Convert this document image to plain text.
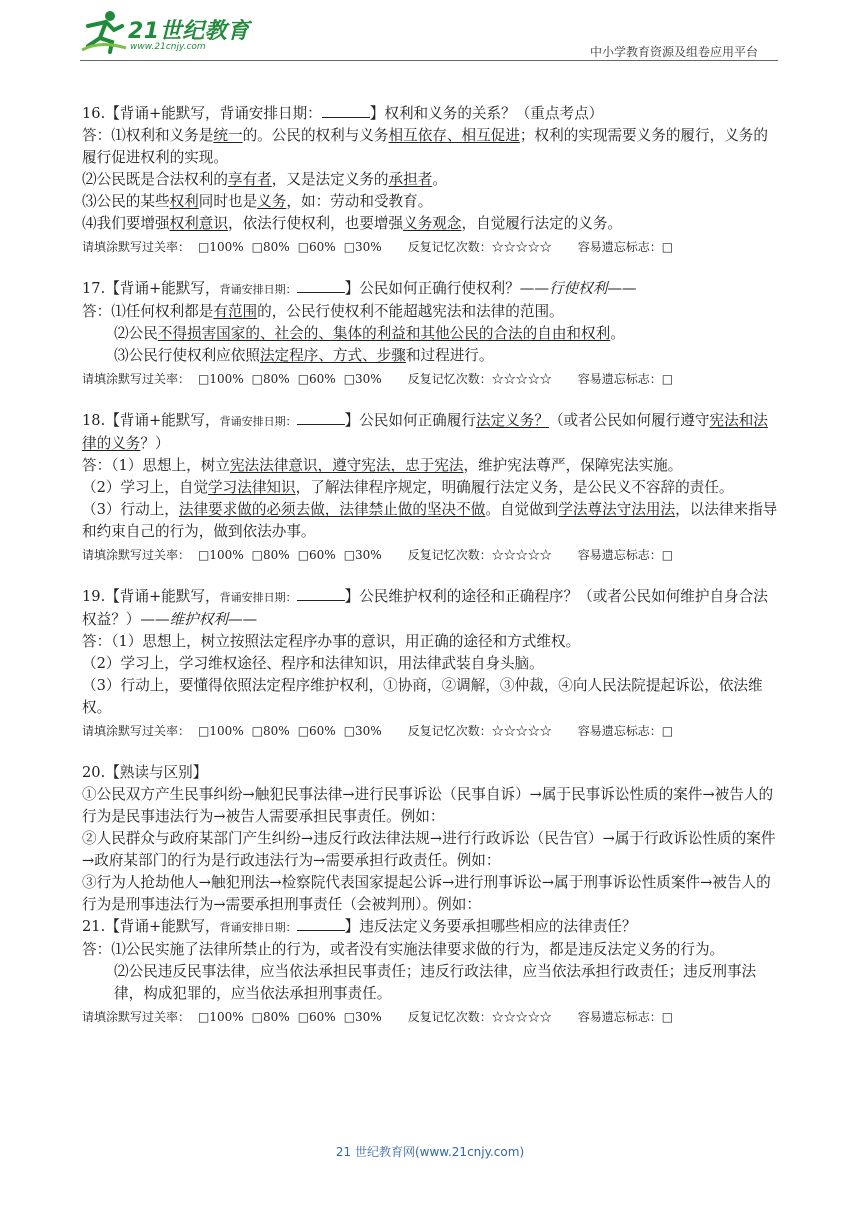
21世纪教育
www.21cnjy.com	中小学教育资源及组卷应用平台
16.【背诵+能默写，背诵安排日期：	】权利和义务的关系？（重点考点）
答：⑴权利和义务是统一的。公民的权利与义务相互依存、相互促进；权利的实现需要义务的履行，义务的履行促进权利的实现。
⑵公民既是合法权利的享有者，又是法定义务的承担者。
⑶公民的某些权利同时也是义务，如：劳动和受教育。
⑷我们要增强权利意识，依法行使权利，也要增强义务观念，自觉履行法定的义务。
请填涂默写过关率： □100% □80% □60% □30% 反复记忆次数：☆☆☆☆☆ 容易遗忘标志：□
17.【背诵+能默写，背诵安排日期：	】公民如何正确行使权利？——行使权利——
答：⑴任何权利都是有范围的，公民行使权利不能超越宪法和法律的范围。
⑵公民不得损害国家的、社会的、集体的利益和其他公民的合法的自由和权利。
⑶公民行使权利应依照法定程序、方式、步骤和过程进行。
请填涂默写过关率： □100% □80% □60% □30% 反复记忆次数：☆☆☆☆☆ 容易遗忘标志：□
18.【背诵+能默写，背诵安排日期：	】公民如何正确履行法定义务？（或者公民如何履行遵守宪法和法律的义务？）
答：（1）思想上，树立宪法法律意识，遵守宪法，忠于宪法，维护宪法尊严，保障宪法实施。
（2）学习上，自觉学习法律知识，了解法律程序规定，明确履行法定义务，是公民义不容辞的责任。
（3）行动上，法律要求做的必须去做，法律禁止做的坚决不做。自觉做到学法尊法守法用法，以法律来指导和约束自己的行为，做到依法办事。
请填涂默写过关率： □100% □80% □60% □30% 反复记忆次数：☆☆☆☆☆ 容易遗忘标志：□
19.【背诵+能默写，背诵安排日期：	】公民维护权利的途径和正确程序？（或者公民如何维护自身合法权益？）——维护权利——
答：（1）思想上，树立按照法定程序办事的意识，用正确的途径和方式维权。
（2）学习上，学习维权途径、程序和法律知识，用法律武装自身头脑。
（3）行动上，要懂得依照法定程序维护权利，①协商，②调解，③仲裁，④向人民法院提起诉讼，依法维权。
请填涂默写过关率： □100% □80% □60% □30% 反复记忆次数：☆☆☆☆☆ 容易遗忘标志：□
20.【熟读与区别】
①公民双方产生民事纠纷→触犯民事法律→进行民事诉讼（民事自诉）→属于民事诉讼性质的案件→被告人的行为是民事违法行为→被告人需要承担民事责任。例如：
②人民群众与政府某部门产生纠纷→违反行政法律法规→进行行政诉讼（民告官）→属于行政诉讼性质的案件→政府某部门的行为是行政违法行为→需要承担行政责任。例如：
③行为人抢劫他人→触犯刑法→检察院代表国家提起公诉→进行刑事诉讼→属于刑事诉讼性质案件→被告人的行为是刑事违法行为→需要承担刑事责任（会被判刑）。例如：
21.【背诵+能默写，背诵安排日期：	】违反法定义务要承担哪些相应的法律责任？
答：⑴公民实施了法律所禁止的行为，或者没有实施法律要求做的行为，都是违反法定义务的行为。
⑵公民违反民事法律，应当依法承担民事责任；违反行政法律，应当依法承担行政责任；违反刑事法律，构成犯罪的，应当依法承担刑事责任。
请填涂默写过关率： □100% □80% □60% □30% 反复记忆次数：☆☆☆☆☆ 容易遗忘标志：□
21 世纪教育网(www.21cnjy.com)
